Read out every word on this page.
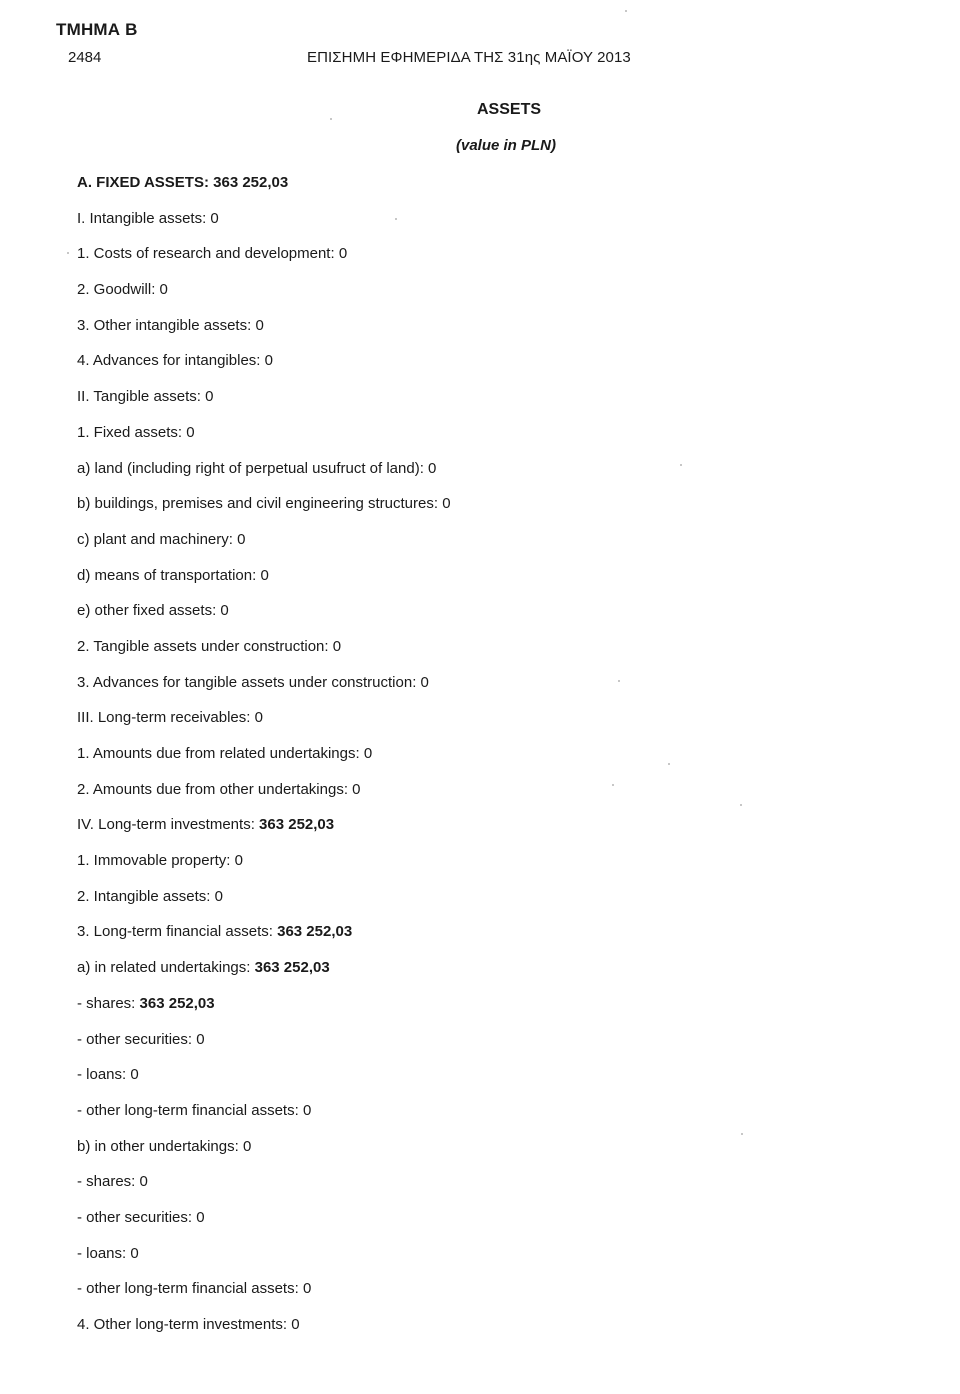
ΤΜΗΜΑ Β
2484	ΕΠΙΣΗΜΗ ΕΦΗΜΕΡΙΔΑ ΤΗΣ 31ης ΜΑΪΟΥ 2013
ASSETS
(value in PLN)
A. FIXED ASSETS: 363 252,03
I. Intangible assets: 0
1. Costs of research and development: 0
2. Goodwill: 0
3. Other intangible assets: 0
4. Advances for intangibles: 0
II. Tangible assets: 0
1. Fixed assets: 0
a) land (including right of perpetual usufruct of land): 0
b) buildings, premises and civil engineering structures: 0
c) plant and machinery: 0
d) means of transportation: 0
e) other fixed assets: 0
2. Tangible assets under construction: 0
3. Advances for tangible assets under construction: 0
III. Long-term receivables: 0
1. Amounts due from related undertakings: 0
2. Amounts due from other undertakings: 0
IV. Long-term investments: 363 252,03
1. Immovable property: 0
2. Intangible assets: 0
3. Long-term financial assets: 363 252,03
a) in related undertakings: 363 252,03
- shares: 363 252,03
- other securities: 0
- loans: 0
- other long-term financial assets: 0
b) in other undertakings: 0
- shares: 0
- other securities: 0
- loans: 0
- other long-term financial assets: 0
4. Other long-term investments: 0
